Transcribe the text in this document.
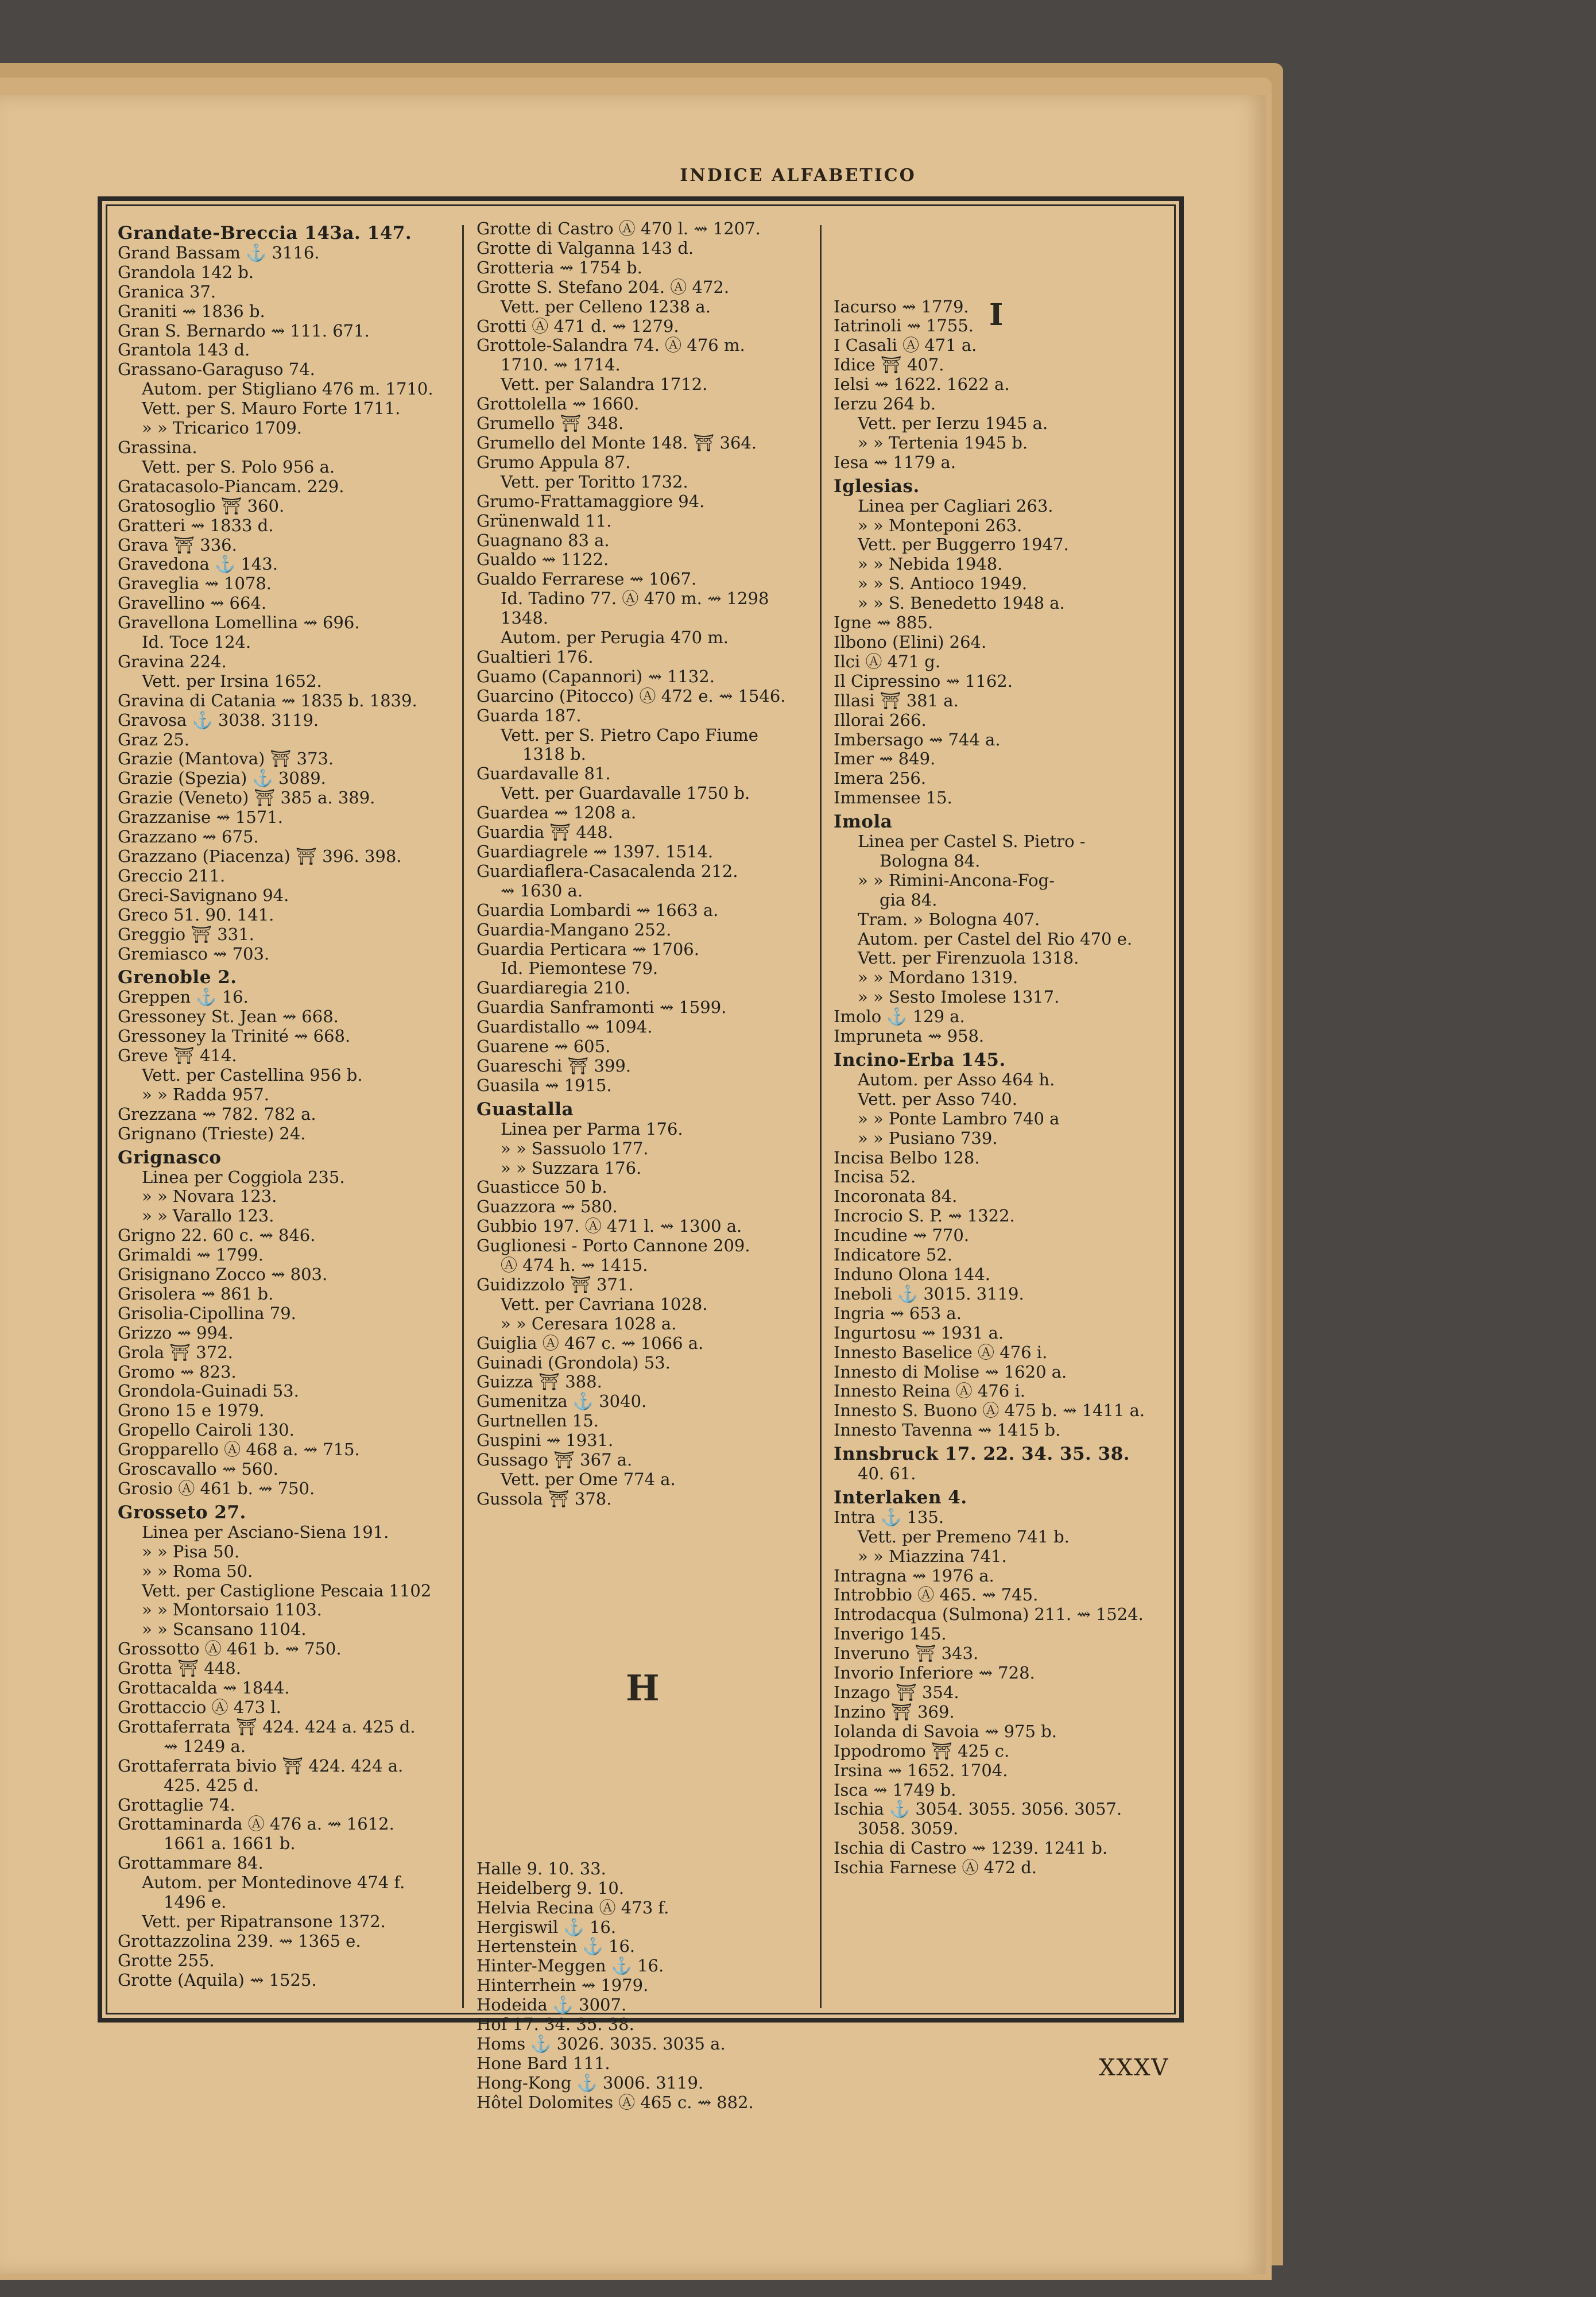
INDICE ALFABETICO
Grandate-Breccia 143a. 147.
Grand Bassam ⚓ 3116.
Grandola 142 b.
Granica 37.
Graniti ⇝ 1836 b.
Gran S. Bernardo ⇝ 111. 671.
Grantola 143 d.
Grassano-Garaguso 74.
Autom. per Stigliano 476 m. 1710.
Vett. per S. Mauro Forte 1711.
» » Tricarico 1709.
Grassina.
Vett. per S. Polo 956 a.
Gratacasolo-Piancam. 229.
Gratosoglio ⛩ 360.
Gratteri ⇝ 1833 d.
Grava ⛩ 336.
Gravedona ⚓ 143.
Graveglia ⇝ 1078.
Gravellino ⇝ 664.
Gravellona Lomellina ⇝ 696.
Id. Toce 124.
Gravina 224.
Vett. per Irsina 1652.
Gravina di Catania ⇝ 1835 b. 1839.
Gravosa ⚓ 3038. 3119.
Graz 25.
Grazie (Mantova) ⛩ 373.
Grazie (Spezia) ⚓ 3089.
Grazie (Veneto) ⛩ 385 a. 389.
Grazzanise ⇝ 1571.
Grazzano ⇝ 675.
Grazzano (Piacenza) ⛩ 396. 398.
Greccio 211.
Greci-Savignano 94.
Greco 51. 90. 141.
Greggio ⛩ 331.
Gremiasco ⇝ 703.
Grenoble 2.
Greppen ⚓ 16.
Gressoney St. Jean ⇝ 668.
Gressoney la Trinité ⇝ 668.
Greve ⛩ 414.
Vett. per Castellina 956 b.
» » Radda 957.
Grezzana ⇝ 782. 782 a.
Grignano (Trieste) 24.
Grignasco
Linea per Coggiola 235.
» » Novara 123.
» » Varallo 123.
Grigno 22. 60 c. ⇝ 846.
Grimaldi ⇝ 1799.
Grisignano Zocco ⇝ 803.
Grisolera ⇝ 861 b.
Grisolia-Cipollina 79.
Grizzo ⇝ 994.
Grola ⛩ 372.
Gromo ⇝ 823.
Grondola-Guinadi 53.
Grono 15 e 1979.
Gropello Cairoli 130.
Gropparello Ⓐ 468 a. ⇝ 715.
Groscavallo ⇝ 560.
Grosio Ⓐ 461 b. ⇝ 750.
Grosseto 27.
Linea per Asciano-Siena 191.
» » Pisa 50.
» » Roma 50.
Vett. per Castiglione Pescaia 1102
» » Montorsaio 1103.
» » Scansano 1104.
Grossotto Ⓐ 461 b. ⇝ 750.
Grotta ⛩ 448.
Grottacalda ⇝ 1844.
Grottaccio Ⓐ 473 l.
Grottaferrata ⛩ 424. 424 a. 425 d.
⇝ 1249 a.
Grottaferrata bivio ⛩ 424. 424 a.
425. 425 d.
Grottaglie 74.
Grottaminarda Ⓐ 476 a. ⇝ 1612.
1661 a. 1661 b.
Grottammare 84.
Autom. per Montedinove 474 f.
1496 e.
Vett. per Ripatransone 1372.
Grottazzolina 239. ⇝ 1365 e.
Grotte 255.
Grotte (Aquila) ⇝ 1525.
Grotte di Castro Ⓐ 470 l. ⇝ 1207.
Grotte di Valganna 143 d.
Grotteria ⇝ 1754 b.
Grotte S. Stefano 204. Ⓐ 472.
Vett. per Celleno 1238 a.
Grotti Ⓐ 471 d. ⇝ 1279.
Grottole-Salandra 74. Ⓐ 476 m.
1710. ⇝ 1714.
Vett. per Salandra 1712.
Grottolella ⇝ 1660.
Grumello ⛩ 348.
Grumello del Monte 148. ⛩ 364.
Grumo Appula 87.
Vett. per Toritto 1732.
Grumo-Frattamaggiore 94.
Grünenwald 11.
Guagnano 83 a.
Gualdo ⇝ 1122.
Gualdo Ferrarese ⇝ 1067.
Id. Tadino 77. Ⓐ 470 m. ⇝ 1298
1348.
Autom. per Perugia 470 m.
Gualtieri 176.
Guamo (Capannori) ⇝ 1132.
Guarcino (Pitocco) Ⓐ 472 e. ⇝ 1546.
Guarda 187.
Vett. per S. Pietro Capo Fiume
1318 b.
Guardavalle 81.
Vett. per Guardavalle 1750 b.
Guardea ⇝ 1208 a.
Guardia ⛩ 448.
Guardiagrele ⇝ 1397. 1514.
Guardiaflera-Casacalenda 212.
⇝ 1630 a.
Guardia Lombardi ⇝ 1663 a.
Guardia-Mangano 252.
Guardia Perticara ⇝ 1706.
Id. Piemontese 79.
Guardiaregia 210.
Guardia Sanframonti ⇝ 1599.
Guardistallo ⇝ 1094.
Guarene ⇝ 605.
Guareschi ⛩ 399.
Guasila ⇝ 1915.
Guastalla
Linea per Parma 176.
» » Sassuolo 177.
» » Suzzara 176.
Guasticce 50 b.
Guazzora ⇝ 580.
Gubbio 197. Ⓐ 471 l. ⇝ 1300 a.
Guglionesi - Porto Cannone 209.
Ⓐ 474 h. ⇝ 1415.
Guidizzolo ⛩ 371.
Vett. per Cavriana 1028.
» » Ceresara 1028 a.
Guiglia Ⓐ 467 c. ⇝ 1066 a.
Guinadi (Grondola) 53.
Guizza ⛩ 388.
Gumenitza ⚓ 3040.
Gurtnellen 15.
Guspini ⇝ 1931.
Gussago ⛩ 367 a.
Vett. per Ome 774 a.
Gussola ⛩ 378.
Halle 9. 10. 33.
Heidelberg 9. 10.
Helvia Recina Ⓐ 473 f.
Hergiswil ⚓ 16.
Hertenstein ⚓ 16.
Hinter-Meggen ⚓ 16.
Hinterrhein ⇝ 1979.
Hodeida ⚓ 3007.
Hof 17. 34. 35. 38.
Homs ⚓ 3026. 3035. 3035 a.
Hone Bard 111.
Hong-Kong ⚓ 3006. 3119.
Hôtel Dolomites Ⓐ 465 c. ⇝ 882.
Iacurso ⇝ 1779.
Iatrinoli ⇝ 1755.
I Casali Ⓐ 471 a.
Idice ⛩ 407.
Ielsi ⇝ 1622. 1622 a.
Ierzu 264 b.
Vett. per Ierzu 1945 a.
» » Tertenia 1945 b.
Iesa ⇝ 1179 a.
Iglesias.
Linea per Cagliari 263.
» » Monteponi 263.
Vett. per Buggerro 1947.
» » Nebida 1948.
» » S. Antioco 1949.
» » S. Benedetto 1948 a.
Igne ⇝ 885.
Ilbono (Elini) 264.
Ilci Ⓐ 471 g.
Il Cipressino ⇝ 1162.
Illasi ⛩ 381 a.
Illorai 266.
Imbersago ⇝ 744 a.
Imer ⇝ 849.
Imera 256.
Immensee 15.
Imola
Linea per Castel S. Pietro -
Bologna 84.
» » Rimini-Ancona-Fog-
gia 84.
Tram. » Bologna 407.
Autom. per Castel del Rio 470 e.
Vett. per Firenzuola 1318.
» » Mordano 1319.
» » Sesto Imolese 1317.
Imolo ⚓ 129 a.
Impruneta ⇝ 958.
Incino-Erba 145.
Autom. per Asso 464 h.
Vett. per Asso 740.
» » Ponte Lambro 740 a
» » Pusiano 739.
Incisa Belbo 128.
Incisa 52.
Incoronata 84.
Incrocio S. P. ⇝ 1322.
Incudine ⇝ 770.
Indicatore 52.
Induno Olona 144.
Ineboli ⚓ 3015. 3119.
Ingria ⇝ 653 a.
Ingurtosu ⇝ 1931 a.
Innesto Baselice Ⓐ 476 i.
Innesto di Molise ⇝ 1620 a.
Innesto Reina Ⓐ 476 i.
Innesto S. Buono Ⓐ 475 b. ⇝ 1411 a.
Innesto Tavenna ⇝ 1415 b.
Innsbruck 17. 22. 34. 35. 38.
40. 61.
Interlaken 4.
Intra ⚓ 135.
Vett. per Premeno 741 b.
» » Miazzina 741.
Intragna ⇝ 1976 a.
Introbbio Ⓐ 465. ⇝ 745.
Introdacqua (Sulmona) 211. ⇝ 1524.
Inverigo 145.
Inveruno ⛩ 343.
Invorio Inferiore ⇝ 728.
Inzago ⛩ 354.
Inzino ⛩ 369.
Iolanda di Savoia ⇝ 975 b.
Ippodromo ⛩ 425 c.
Irsina ⇝ 1652. 1704.
Isca ⇝ 1749 b.
Ischia ⚓ 3054. 3055. 3056. 3057.
3058. 3059.
Ischia di Castro ⇝ 1239. 1241 b.
Ischia Farnese Ⓐ 472 d.
H
I
XXXV
